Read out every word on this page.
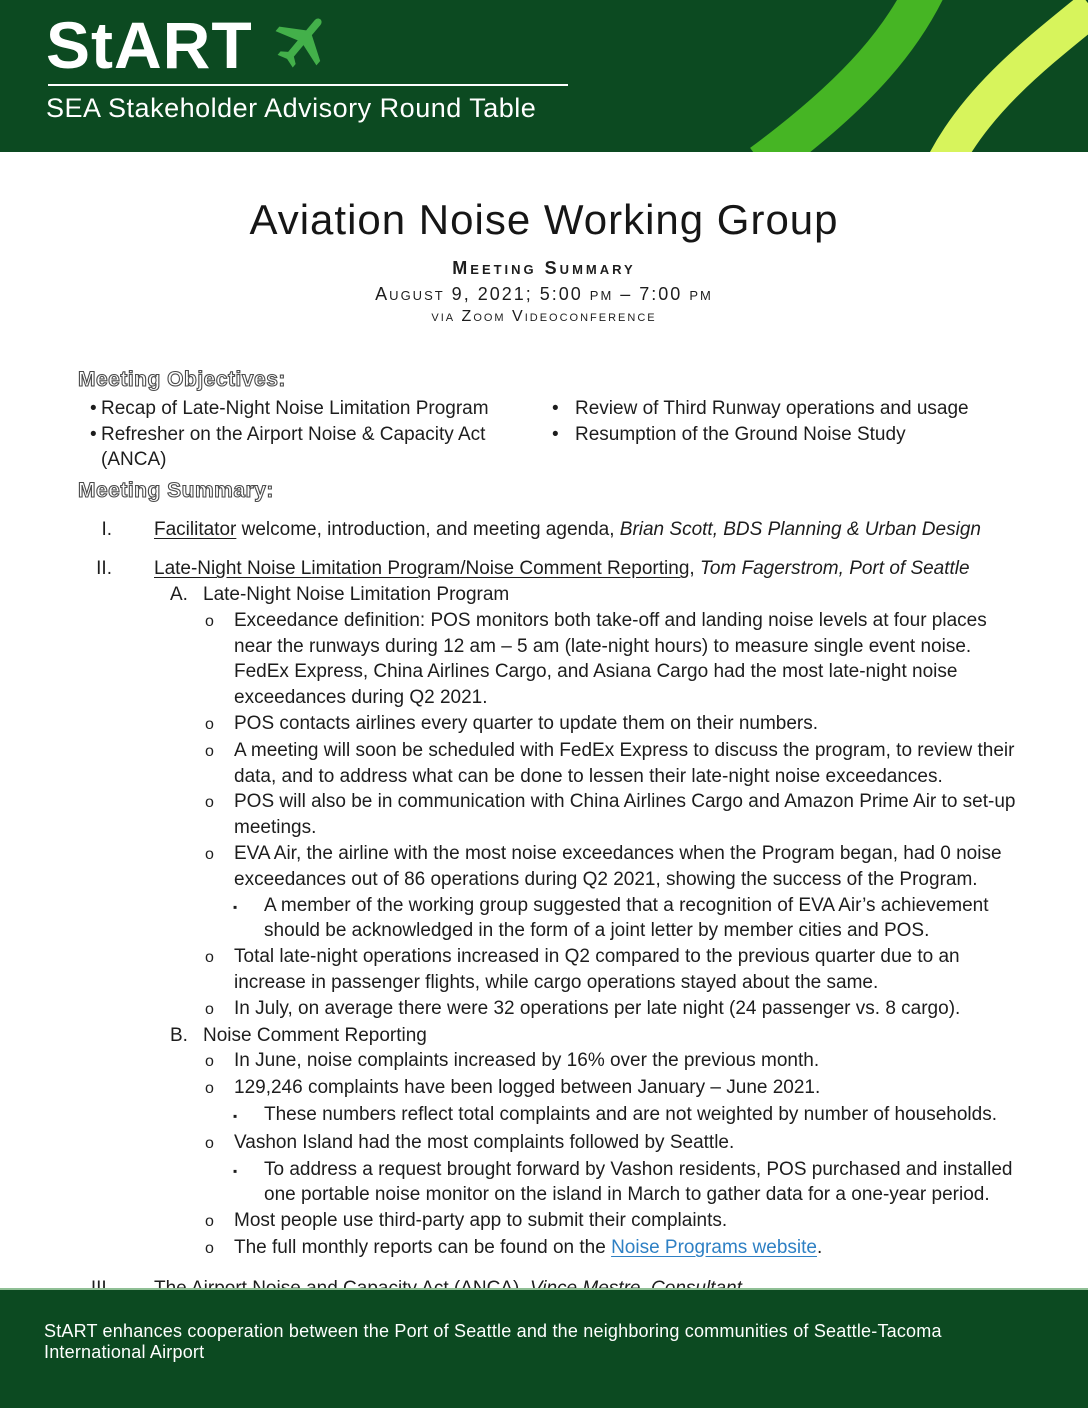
StART
SEA Stakeholder Advisory Round Table
Aviation Noise Working Group
Meeting Summary
August 9, 2021; 5:00 pm – 7:00 pm
via Zoom Videoconference
Meeting Objectives:
• Recap of Late-Night Noise Limitation Program
• Refresher on the Airport Noise & Capacity Act (ANCA)
• Review of Third Runway operations and usage
• Resumption of the Ground Noise Study
Meeting Summary:
I. Facilitator welcome, introduction, and meeting agenda, Brian Scott, BDS Planning & Urban Design
II. Late-Night Noise Limitation Program/Noise Comment Reporting, Tom Fagerstrom, Port of Seattle
A. Late-Night Noise Limitation Program
o	Exceedance definition: POS monitors both take-off and landing noise levels at four places near the runways during 12 am – 5 am (late-night hours) to measure single event noise. FedEx Express, China Airlines Cargo, and Asiana Cargo had the most late-night noise exceedances during Q2 2021.
o	POS contacts airlines every quarter to update them on their numbers.
o	A meeting will soon be scheduled with FedEx Express to discuss the program, to review their data, and to address what can be done to lessen their late-night noise exceedances.
o	POS will also be in communication with China Airlines Cargo and Amazon Prime Air to set-up meetings.
o	EVA Air, the airline with the most noise exceedances when the Program began, had 0 noise exceedances out of 86 operations during Q2 2021, showing the success of the Program.
▪	A member of the working group suggested that a recognition of EVA Air’s achievement should be acknowledged in the form of a joint letter by member cities and POS.
o	Total late-night operations increased in Q2 compared to the previous quarter due to an increase in passenger flights, while cargo operations stayed about the same.
o	In July, on average there were 32 operations per late night (24 passenger vs. 8 cargo).
B. Noise Comment Reporting
o	In June, noise complaints increased by 16% over the previous month.
o	129,246 complaints have been logged between January – June 2021.
▪	These numbers reflect total complaints and are not weighted by number of households.
o	Vashon Island had the most complaints followed by Seattle.
▪	To address a request brought forward by Vashon residents, POS purchased and installed one portable noise monitor on the island in March to gather data for a one-year period.
o	Most people use third-party app to submit their complaints.
o	The full monthly reports can be found on the Noise Programs website.
StART enhances cooperation between the Port of Seattle and the neighboring communities of Seattle-Tacoma International Airport
